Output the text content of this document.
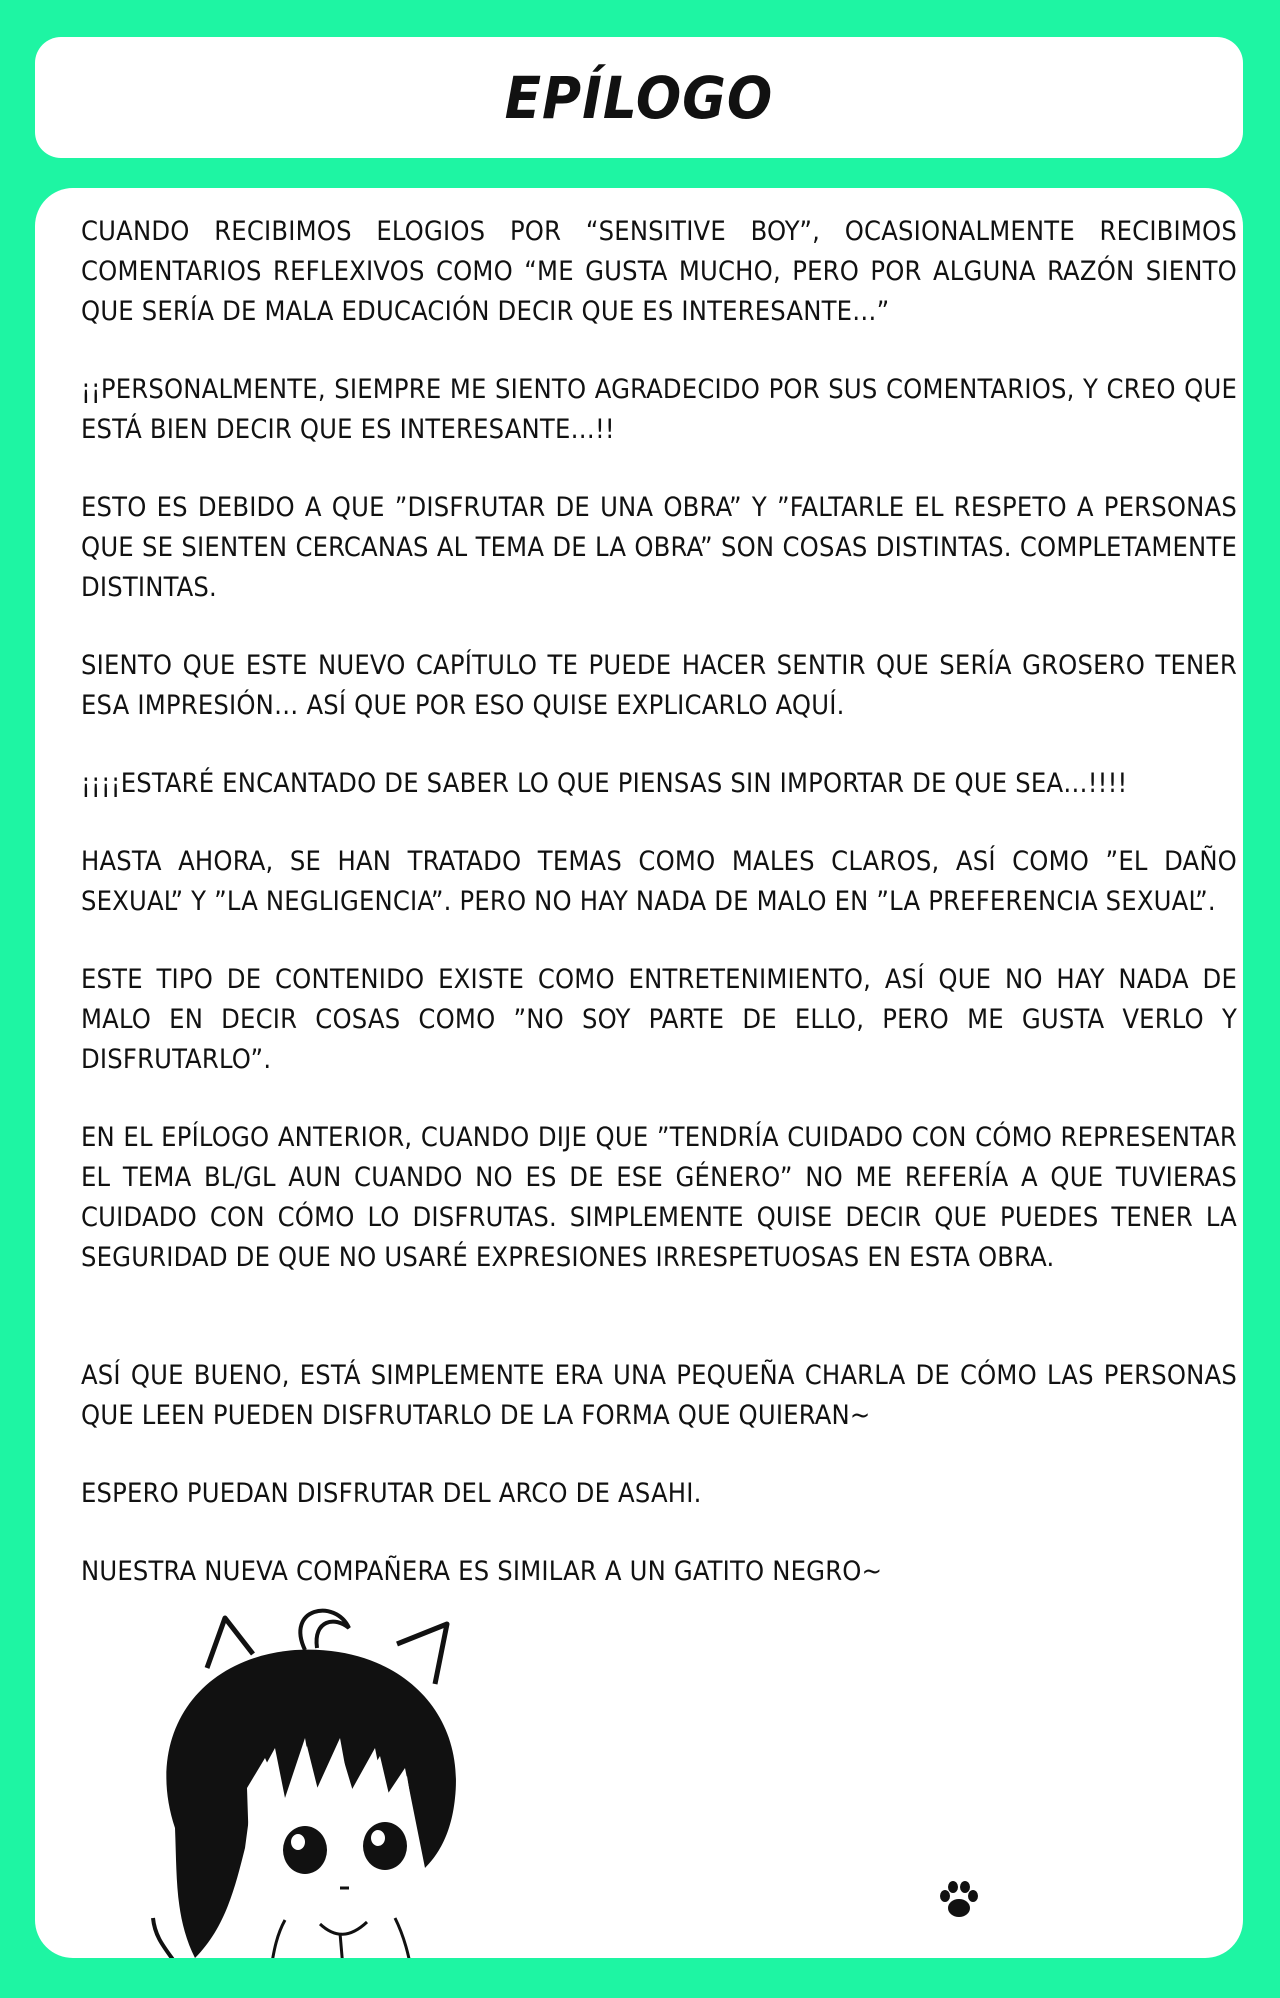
EPÍLOGO

CUANDO RECIBIMOS ELOGIOS POR “SENSITIVE BOY”, OCASIONALMENTE RECIBIMOS COMENTARIOS REFLEXIVOS COMO “ME GUSTA MUCHO, PERO POR ALGUNA RAZÓN SIENTO QUE SERÍA DE MALA EDUCACIÓN DECIR QUE ES INTERESANTE…”

¡¡PERSONALMENTE, SIEMPRE ME SIENTO AGRADECIDO POR SUS COMENTARIOS, Y CREO QUE ESTÁ BIEN DECIR QUE ES INTERESANTE…!!

ESTO ES DEBIDO A QUE ”DISFRUTAR DE UNA OBRA” Y ”FALTARLE EL RESPETO A PERSONAS QUE SE SIENTEN CERCANAS AL TEMA DE LA OBRA” SON COSAS DISTINTAS. COMPLETAMENTE DISTINTAS.

SIENTO QUE ESTE NUEVO CAPÍTULO TE PUEDE HACER SENTIR QUE SERÍA GROSERO TENER ESA IMPRESIÓN… ASÍ QUE POR ESO QUISE EXPLICARLO AQUÍ.

¡¡¡¡ESTARÉ ENCANTADO DE SABER LO QUE PIENSAS SIN IMPORTAR DE QUE SEA…!!!!

HASTA AHORA, SE HAN TRATADO TEMAS COMO MALES CLAROS, ASÍ COMO ”EL DAÑO SEXUAL” Y ”LA NEGLIGENCIA”. PERO NO HAY NADA DE MALO EN ”LA PREFERENCIA SEXUAL”.

ESTE TIPO DE CONTENIDO EXISTE COMO ENTRETENIMIENTO, ASÍ QUE NO HAY NADA DE MALO EN DECIR COSAS COMO ”NO SOY PARTE DE ELLO, PERO ME GUSTA VERLO Y DISFRUTARLO”.

EN EL EPÍLOGO ANTERIOR, CUANDO DIJE QUE ”TENDRÍA CUIDADO CON CÓMO REPRESENTAR EL TEMA BL/GL AUN CUANDO NO ES DE ESE GÉNERO” NO ME REFERÍA A QUE TUVIERAS CUIDADO CON CÓMO LO DISFRUTAS. SIMPLEMENTE QUISE DECIR QUE PUEDES TENER LA SEGURIDAD DE QUE NO USARÉ EXPRESIONES IRRESPETUOSAS EN ESTA OBRA.

ASÍ QUE BUENO, ESTÁ SIMPLEMENTE ERA UNA PEQUEÑA CHARLA DE CÓMO LAS PERSONAS QUE LEEN PUEDEN DISFRUTARLO DE LA FORMA QUE QUIERAN~

ESPERO PUEDAN DISFRUTAR DEL ARCO DE ASAHI.

NUESTRA NUEVA COMPAÑERA ES SIMILAR A UN GATITO NEGRO~
